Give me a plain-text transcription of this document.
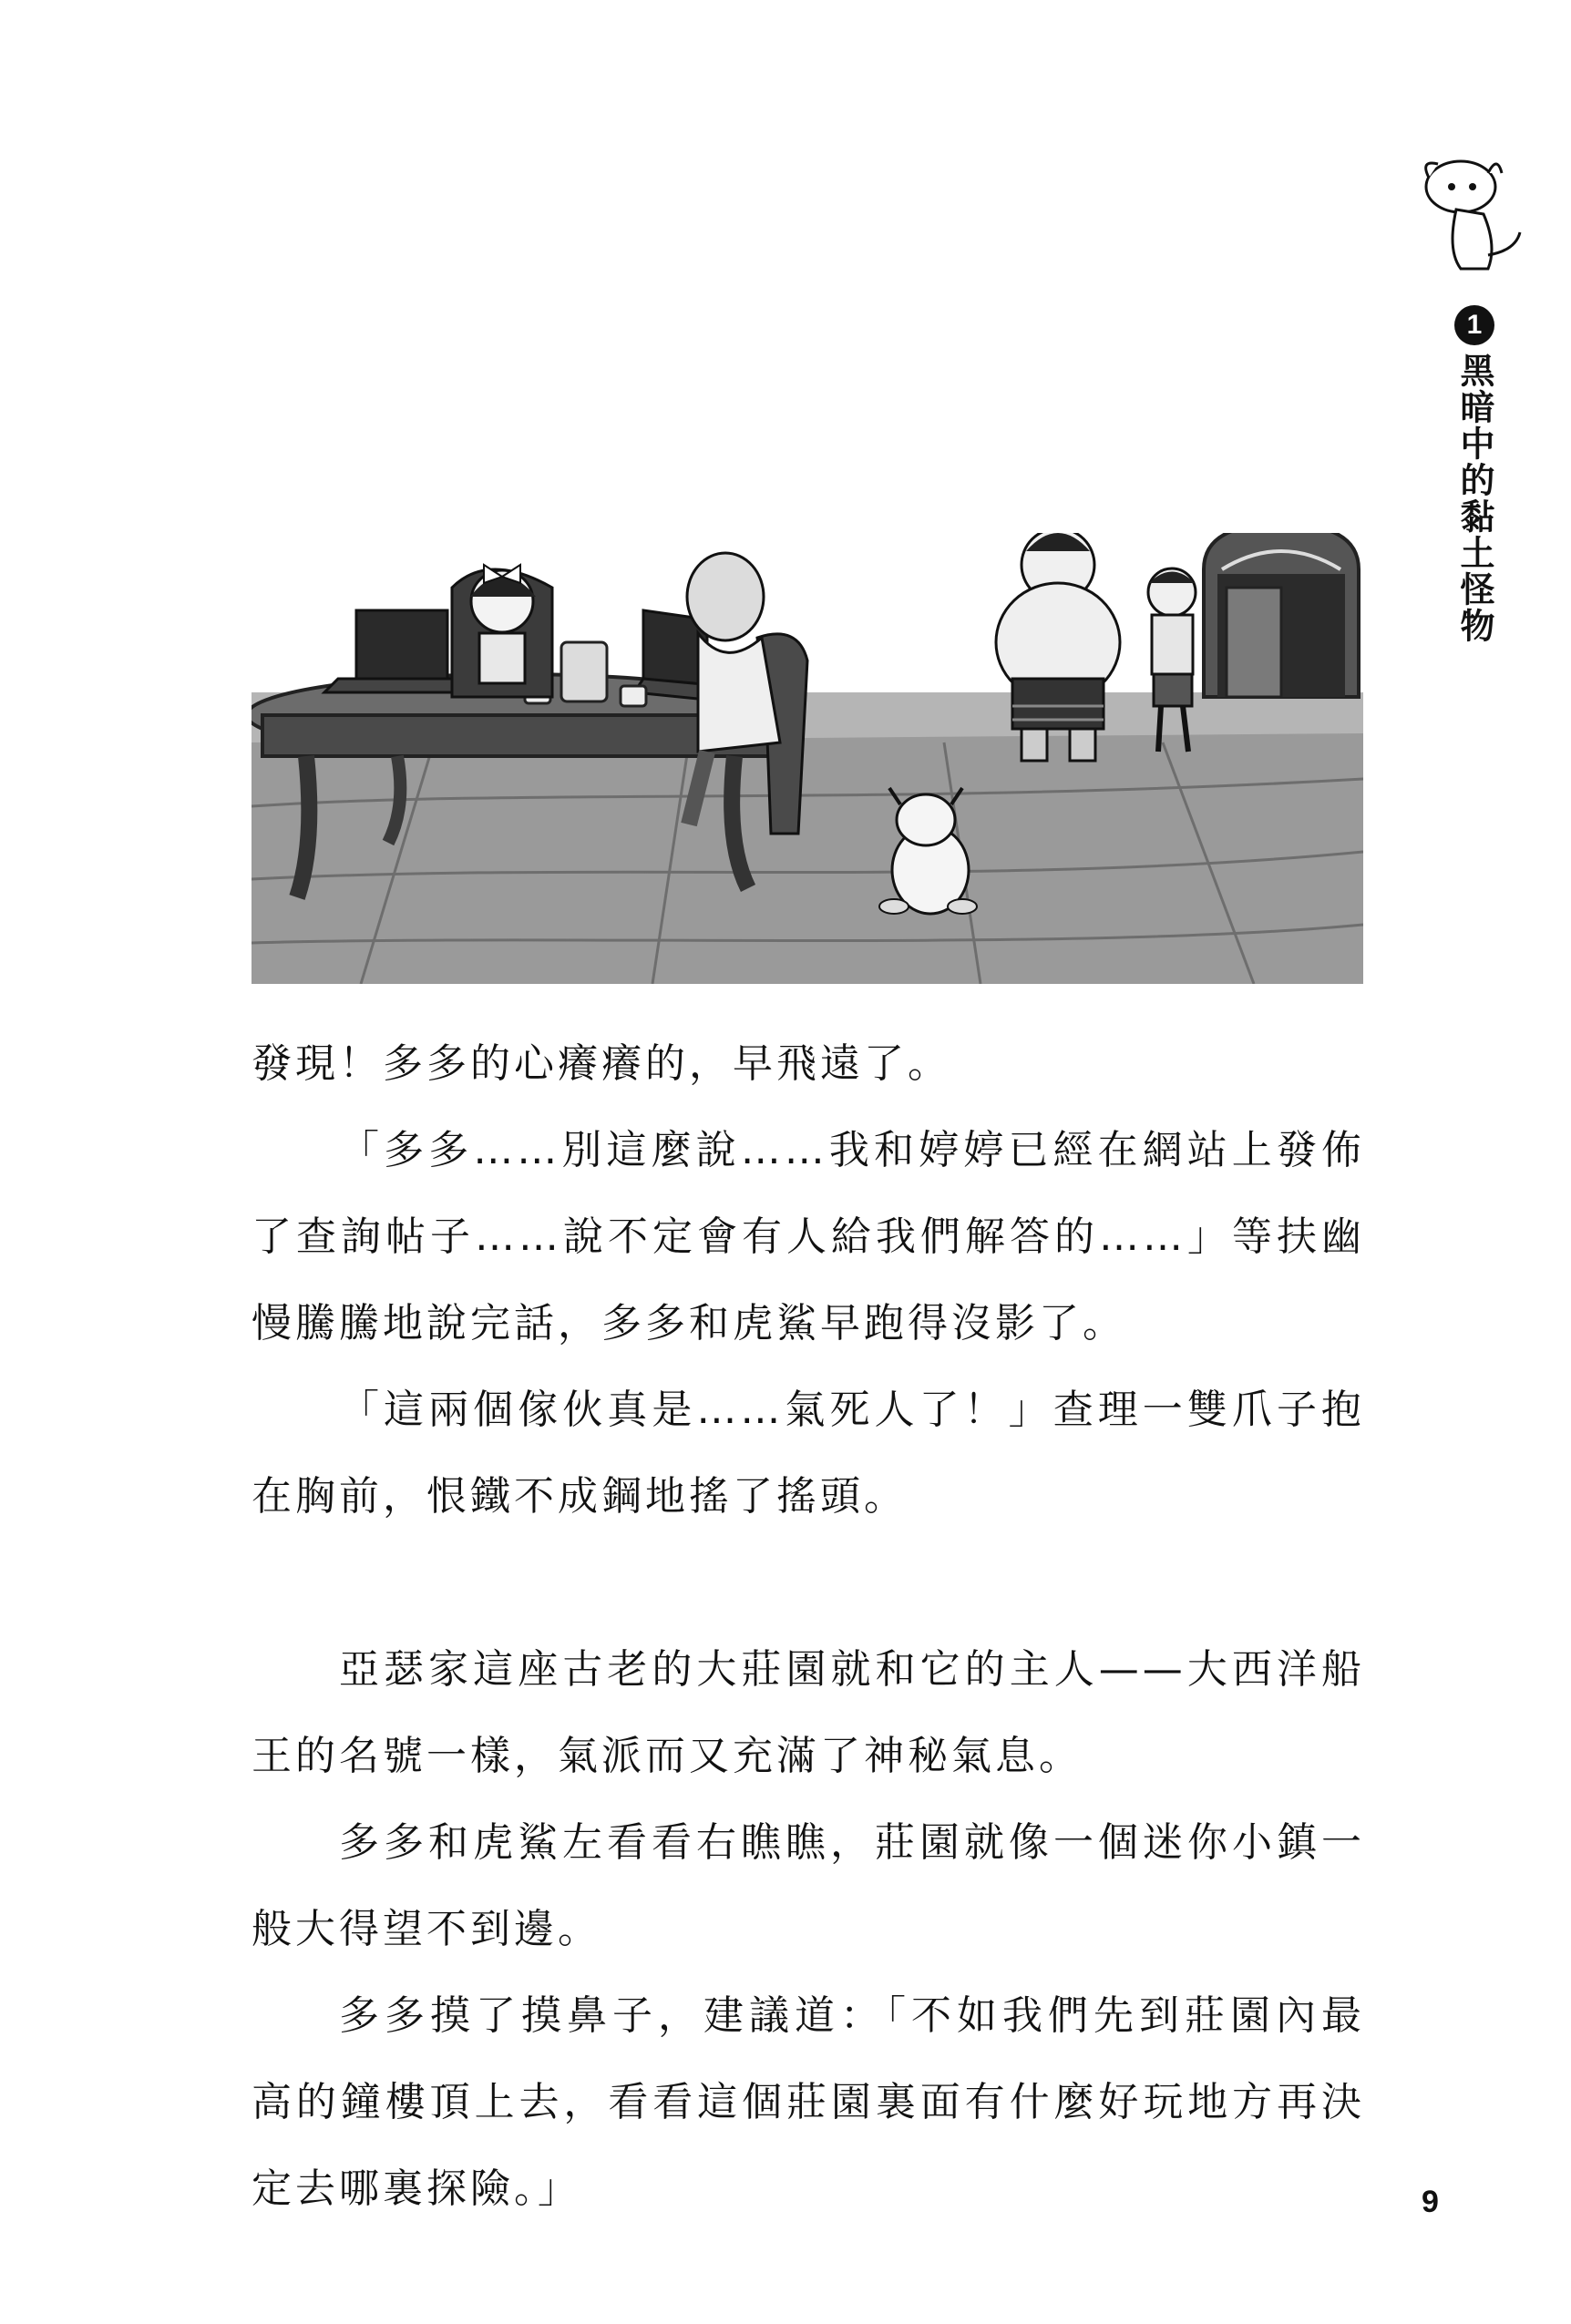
1
黑暗中的黏土怪物

發現！多多的心癢癢的，早飛遠了。

「多多……別這麼說……我和婷婷已經在網站上發佈了查詢帖子……說不定會有人給我們解答的……」等扶幽慢騰騰地說完話，多多和虎鯊早跑得沒影了。

「這兩個傢伙真是……氣死人了！」查理一雙爪子抱在胸前，恨鐵不成鋼地搖了搖頭。

亞瑟家這座古老的大莊園就和它的主人——大西洋船王的名號一樣，氣派而又充滿了神秘氣息。

多多和虎鯊左看看右瞧瞧，莊園就像一個迷你小鎮一般大得望不到邊。

多多摸了摸鼻子，建議道：「不如我們先到莊園內最高的鐘樓頂上去，看看這個莊園裏面有什麼好玩地方再決定去哪裏探險。」	9
